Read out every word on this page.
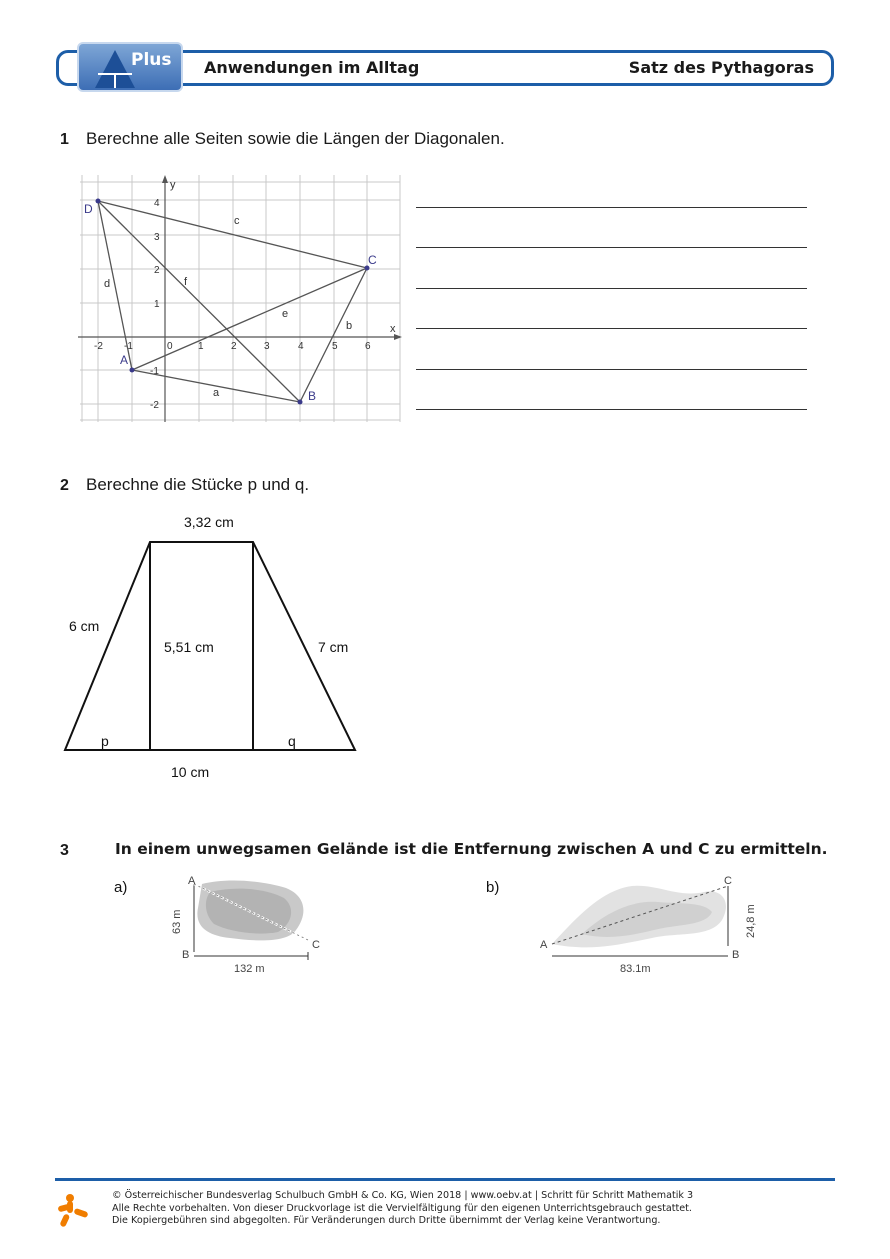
Plus Anwendungen im Alltag	Satz des Pythagoras
1 Berechne alle Seiten sowie die Längen der Diagonalen.
x
y
-2 -1	0	1	2	3	4	5	6
4
3
2
1
-1
-2
A
B
C
D
a
b
c
d
e
f
2 Berechne die Stücke p und q.
3,32 cm
6 cm
5,51 cm	7 cm
p	q
10 cm
3	In einem unwegsamen Gelände ist die Entfernung zwischen A und C zu ermitteln.
a)	A
B
C
63 m
132 m
b)
A
B
C
24,8 m
83.1m
© Österreichischer Bundesverlag Schulbuch GmbH & Co. KG, Wien 2018 | www.oebv.at | Schritt für Schritt Mathematik 3
Alle Rechte vorbehalten. Von dieser Druckvorlage ist die Vervielfältigung für den eigenen Unterrichtsgebrauch gestattet.
Die Kopiergebühren sind abgegolten. Für Veränderungen durch Dritte übernimmt der Verlag keine Verantwortung.
